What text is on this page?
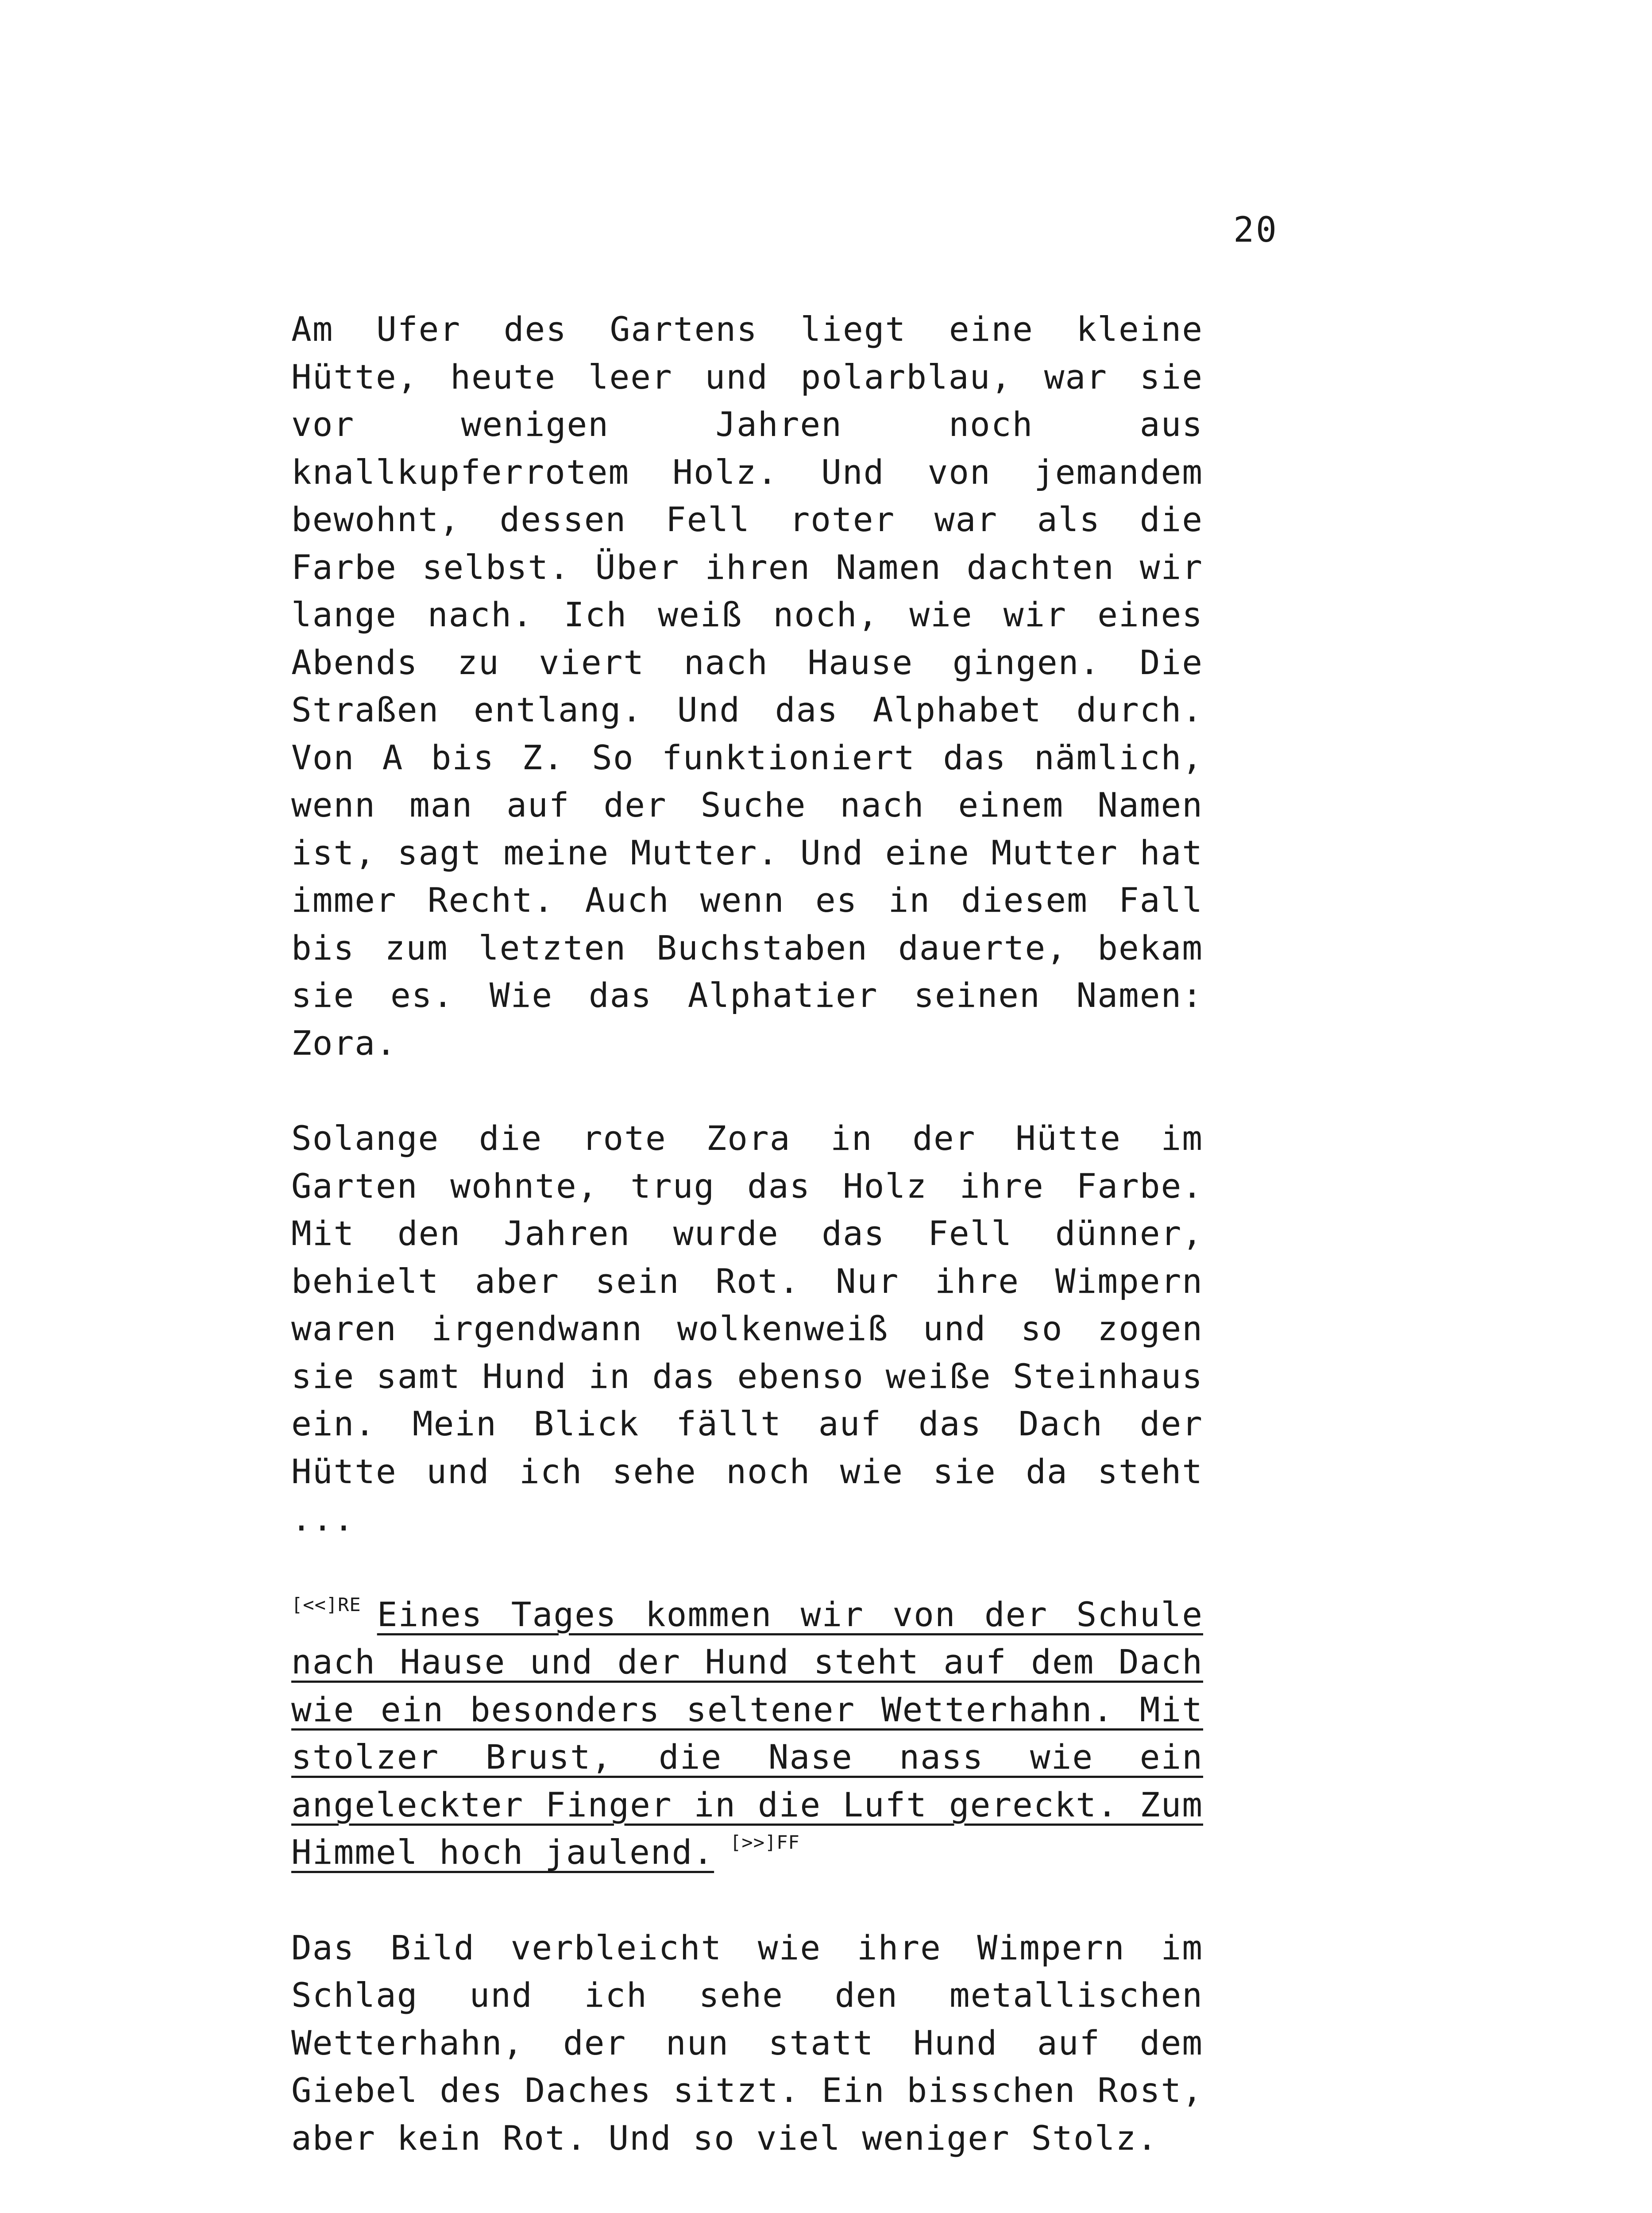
20

Am Ufer des Gartens liegt eine kleine Hütte, heute leer und polarblau, war sie vor wenigen Jahren noch aus knallkupferrotem Holz. Und von jemandem bewohnt, dessen Fell roter war als die Farbe selbst. Über ihren Namen dachten wir lange nach. Ich weiß noch, wie wir eines Abends zu viert nach Hause gingen. Die Straßen entlang. Und das Alphabet durch. Von A bis Z. So funktioniert das nämlich, wenn man auf der Suche nach einem Namen ist, sagt meine Mutter. Und eine Mutter hat immer Recht. Auch wenn es in diesem Fall bis zum letzten Buchstaben dauerte, bekam sie es. Wie das Alphatier seinen Namen: Zora.

Solange die rote Zora in der Hütte im Garten wohnte, trug das Holz ihre Farbe. Mit den Jahren wurde das Fell dünner, behielt aber sein Rot. Nur ihre Wimpern waren irgendwann wolkenweiß und so zogen sie samt Hund in das ebenso weiße Steinhaus ein. Mein Blick fällt auf das Dach der Hütte und ich sehe noch wie sie da steht ...

$^{[<<]RE}$ Eines Tages kommen wir von der Schule nach Hause und der Hund steht auf dem Dach wie ein besonders seltener Wetterhahn. Mit stolzer Brust, die Nase nass wie ein angeleckter Finger in die Luft gereckt. Zum Himmel hoch jaulend. $^{[>>]FF}$

Das Bild verbleicht wie ihre Wimpern im Schlag und ich sehe den metallischen Wetterhahn, der nun statt Hund auf dem Giebel des Daches sitzt. Ein bisschen Rost, aber kein Rot. Und so viel weniger Stolz.
